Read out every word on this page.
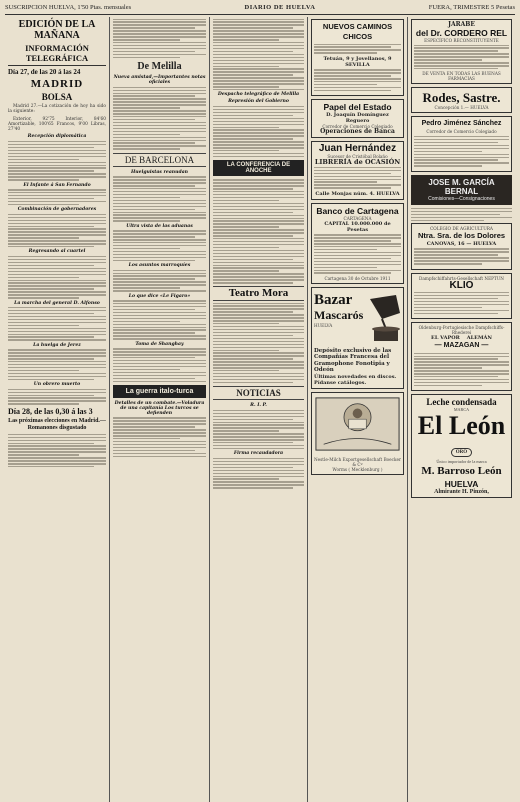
SUSCRIPCION HUELVA, 1'50 Ptas. mensuales	DIARIO DE HUELVA	FUERA, TRIMESTRE 5 Pesetas
EDICIÓN DE LA MAÑANA
INFORMACIÓN TELEGRÁFICA
Día 27, de las 20 á las 24
MADRID
BOLSA

Madrid 27.—La cotización de hoy ha sido la siguiente:

Exterior, 92'75 Interior, 84'60 Amortizable, 100'65 Francos, 9'00 Libras, 27'40

Recepción diplomática
El Infante á San Fernando
Combinación de gobernadores
Regresando al cuartel
La marcha del general D. Alfonso
La huelga de Jerez
Un obrero muerto
Día 28, de las 0,30 á las 3
Las próximas elecciones en Madrid.—Romanones disgustado
De Melilla
Nueva amistad,—Importantes notas oficiales
DE BARCELONA
Huelguistas reanudan
Ultra vista de las aduanas
Los asuntos marroquíes
Lo que dice «Le Figaro»
Toma de Shanghay
La guerra italo-turca
Detalles de un combate.—Voladura de una capitanía Los turcos se defienden
Despacho telegráfico de Melilla
Represión del Gobierno
LA CONFERENCIA DE ANOCHE
Teatro Mora
NOTICIAS
R. I. P.
Firma recaudadora
NUEVOS CAMINOS CHICOS
Tetuán, 9 y Jovellanos, 9
SEVILLA
Papel del Estado
D. Joaquín Domínguez Reguero
Corredor de Comercio Colegiado
Operaciones de Banca
Juan Hernández
Sucesor de Cristóbal Bolaño
LIBRERÍA de OCASIÓN
Calle Monjas núm. 4. HUELVA
Banco de Cartagena
CARTAGENA
CAPITAL 10.000.000 de Pesetas
Cartagena 30 de Octubre 1911
Bazar
Mascarós
HUELVA
Depósito exclusivo de las Compañías Francesa del Gramophone Fonotipia y Odeón
Últimas novedades en discos.
Pídanse catálogos.
Nestle-Milch Exportgesellschaft Boecker & Cº
Worms ( Mecklenburg )
JARABE
del Dr. CORDERO REL
ESPECÍFICO RECONSTITUYENTE
DE VENTA EN TODAS LAS BUENAS FARMACIAS
Rodes, Sastre.
Concepción 1.— HUELVA
Pedro Jiménez Sánchez
Corredor de Comercio Colegiado
JOSE M. GARCÍA BERNAL
Comisiones—Consignaciones
COLEGIO DE AGRICULTURA
Ntra. Sra. de los Dolores
CANOVAS, 16 — HUELVA
Dampfschiffahrts-Gesellschaft NEPTUN
KLIO
Oldenburg-Portugiesische Dampfschiffs-Rhederei
EL VAPOR ALEMÁN
— MAZAGAN —
Leche condensada
MARCA
El León
ORO
Único importador de la marca
M. Barroso León
HUELVA
Almirante H. Pinzón,
